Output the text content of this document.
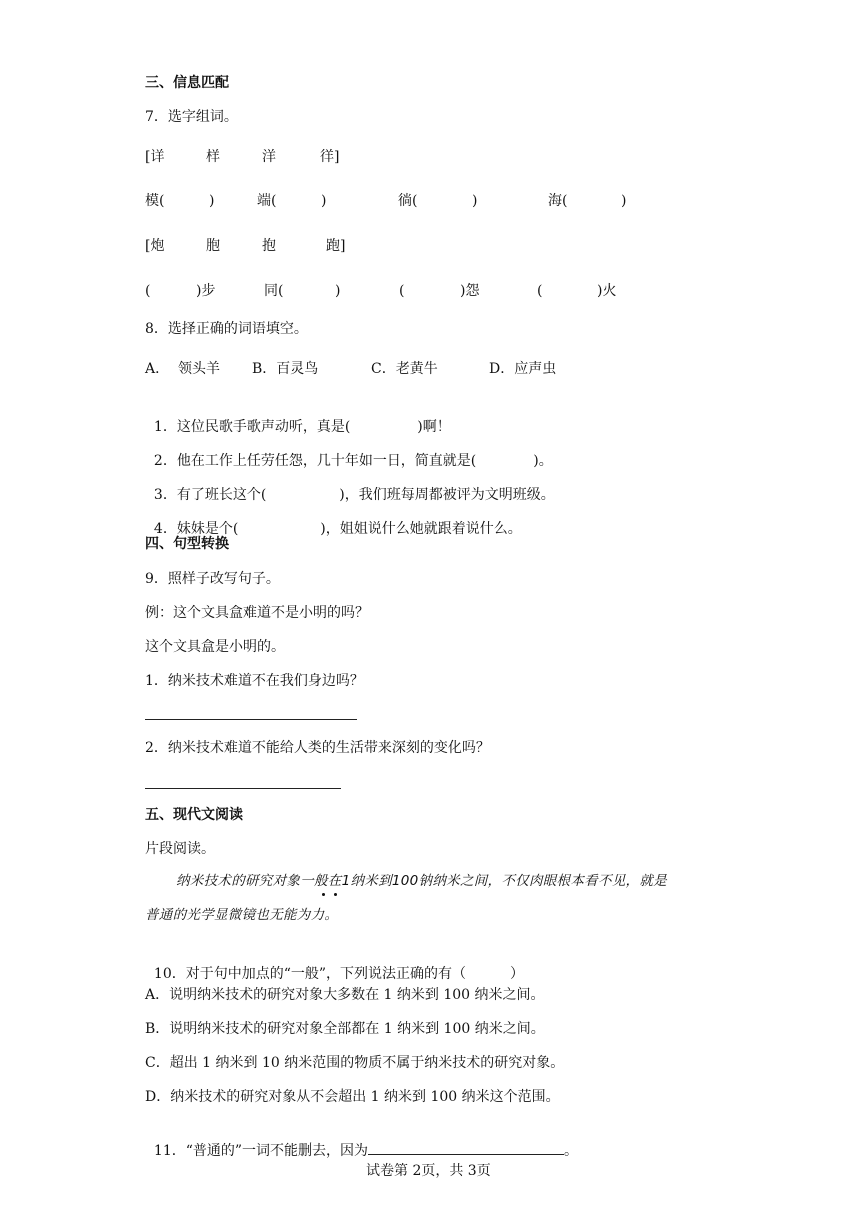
三、信息匹配
7．选字组词。
[详	样	洋	徉]
模(	)	端(	)	徜(	)	海(	)
[炮	胞	抱	跑]
(	)步	同(	)	(	)怨	(	)火
8．选择正确的词语填空。
A． 领头羊 B．百灵鸟	C．老黄牛	D．应声虫

1．这位民歌手歌声动听，真是(	)啊！

2．他在工作上任劳任怨，几十年如一日，简直就是(	)。

3．有了班长这个(	)，我们班每周都被评为文明班级。

4．妹妹是个(	)，姐姐说什么她就跟着说什么。

四、句型转换
9．照样子改写句子。
例：这个文具盒难道不是小明的吗？
这个文具盒是小明的。
1．纳米技术难道不在我们身边吗？
2．纳米技术难道不能给人类的生活带来深刻的变化吗？
五、现代文阅读
片段阅读。
纳米技术的研究对象一般在1纳米到100钠纳米之间，不仅肉眼根本看不见，就是
普通的光学显微镜也无能为力。

10．对于句中加点的“一般”，下列说法正确的有（	）

A．说明纳米技术的研究对象大多数在 1 纳米到 100 纳米之间。
B．说明纳米技术的研究对象全部都在 1 纳米到 100 纳米之间。
C．超出 1 纳米到 10 纳米范围的物质不属于纳米技术的研究对象。
D．纳米技术的研究对象从不会超出 1 纳米到 100 纳米这个范围。

11．“普通的”一词不能删去，因为	。

试卷第 2页，共 3页
